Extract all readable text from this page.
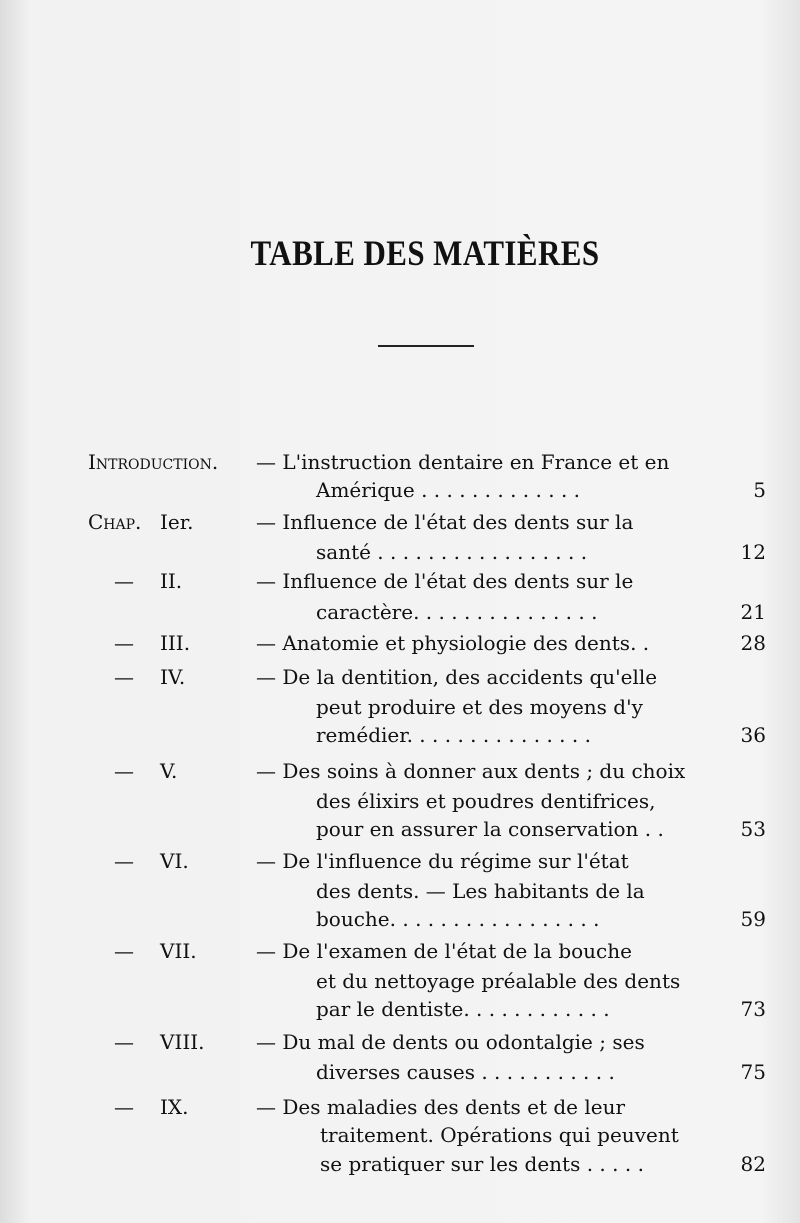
TABLE DES MATIÈRES
Introduction. — L'instruction dentaire en France et en
Amérique . . . . . . . . . . . . .	5
Chap. Ier.	— Influence de l'état des dents sur la
santé . . . . . . . . . . . . . . . . .	12
— II.	— Influence de l'état des dents sur le
caractère. . . . . . . . . . . . . . .	21
— III.	— Anatomie et physiologie des dents. .	28
— IV.	— De la dentition, des accidents qu'elle
peut produire et des moyens d'y
remédier. . . . . . . . . . . . . . .	36
— V.	— Des soins à donner aux dents ; du choix
des élixirs et poudres dentifrices,
pour en assurer la conservation . .	53
— VI.	— De l'influence du régime sur l'état
des dents. — Les habitants de la
bouche. . . . . . . . . . . . . . . . .	59
— VII.	— De l'examen de l'état de la bouche
et du nettoyage préalable des dents
par le dentiste. . . . . . . . . . . .	73
— VIII.	— Du mal de dents ou odontalgie ; ses
diverses causes . . . . . . . . . . .	75
— IX.	— Des maladies des dents et de leur
traitement. Opérations qui peuvent
se pratiquer sur les dents . . . . .	82
